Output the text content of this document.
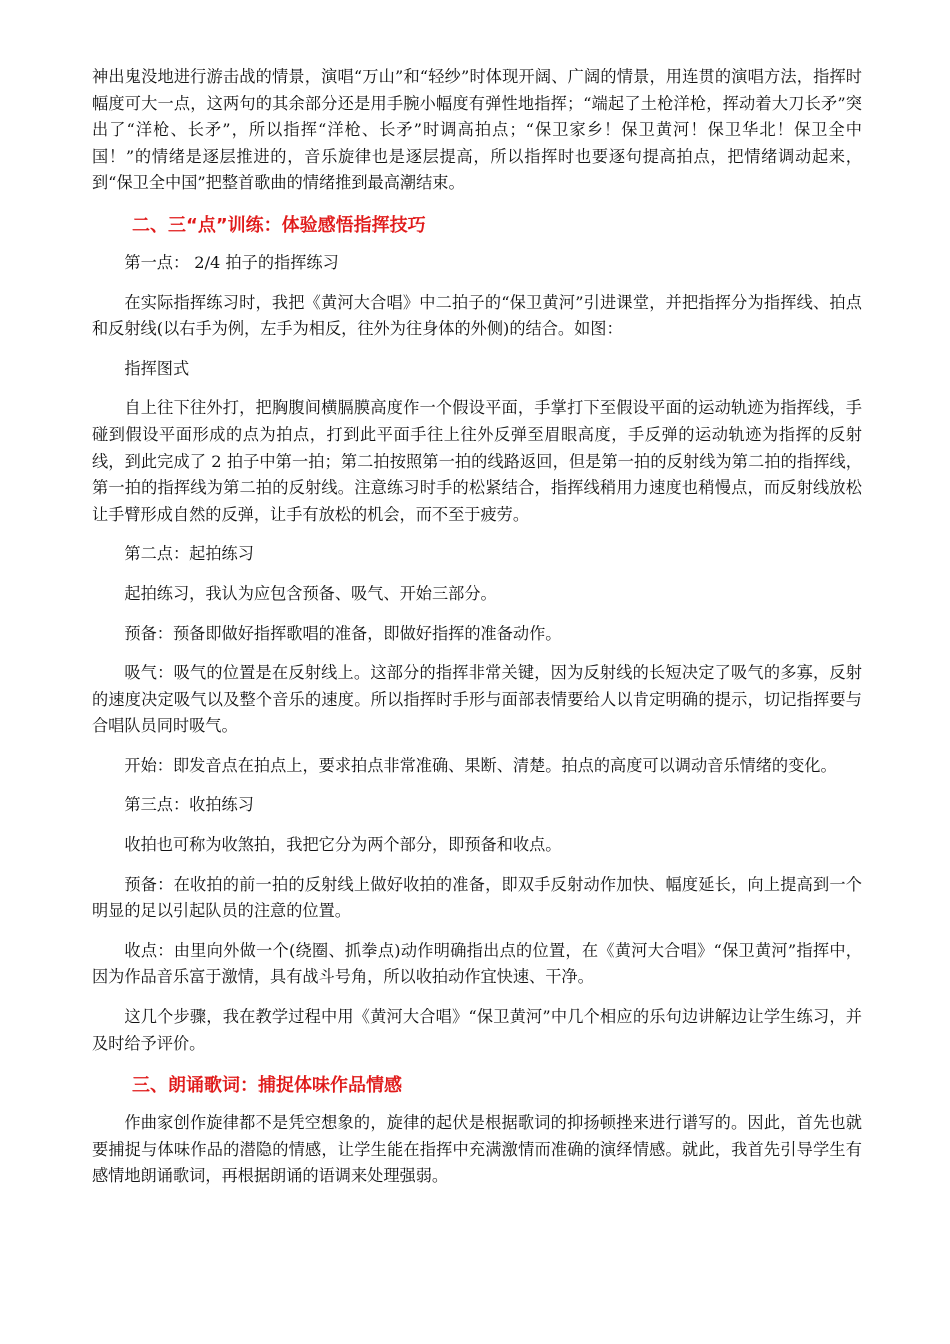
神出鬼没地进行游击战的情景，演唱“万山”和“轻纱”时体现开阔、广阔的情景，用连贯的演唱方法，指挥时幅度可大一点，这两句的其余部分还是用手腕小幅度有弹性地指挥；“端起了土枪洋枪，挥动着大刀长矛”突出了“洋枪、长矛”，所以指挥“洋枪、长矛”时调高拍点；“保卫家乡！保卫黄河！保卫华北！保卫全中国！”的情绪是逐层推进的，音乐旋律也是逐层提高，所以指挥时也要逐句提高拍点，把情绪调动起来，到“保卫全中国”把整首歌曲的情绪推到最高潮结束。

二、三“点”训练：体验感悟指挥技巧

第一点： 2/4 拍子的指挥练习

在实际指挥练习时，我把《黄河大合唱》中二拍子的“保卫黄河”引进课堂，并把指挥分为指挥线、拍点和反射线(以右手为例，左手为相反，往外为往身体的外侧)的结合。如图：

指挥图式

自上往下往外打，把胸腹间横膈膜高度作一个假设平面，手掌打下至假设平面的运动轨迹为指挥线，手碰到假设平面形成的点为拍点，打到此平面手往上往外反弹至眉眼高度，手反弹的运动轨迹为指挥的反射线，到此完成了 2 拍子中第一拍；第二拍按照第一拍的线路返回，但是第一拍的反射线为第二拍的指挥线，第一拍的指挥线为第二拍的反射线。注意练习时手的松紧结合，指挥线稍用力速度也稍慢点，而反射线放松让手臂形成自然的反弹，让手有放松的机会，而不至于疲劳。

第二点：起拍练习

起拍练习，我认为应包含预备、吸气、开始三部分。

预备：预备即做好指挥歌唱的准备，即做好指挥的准备动作。

吸气：吸气的位置是在反射线上。这部分的指挥非常关键，因为反射线的长短决定了吸气的多寡，反射的速度决定吸气以及整个音乐的速度。所以指挥时手形与面部表情要给人以肯定明确的提示，切记指挥要与合唱队员同时吸气。

开始：即发音点在拍点上，要求拍点非常准确、果断、清楚。拍点的高度可以调动音乐情绪的变化。

第三点：收拍练习

收拍也可称为收煞拍，我把它分为两个部分，即预备和收点。

预备：在收拍的前一拍的反射线上做好收拍的准备，即双手反射动作加快、幅度延长，向上提高到一个明显的足以引起队员的注意的位置。

收点：由里向外做一个(绕圈、抓拳点)动作明确指出点的位置，在《黄河大合唱》“保卫黄河”指挥中，因为作品音乐富于激情，具有战斗号角，所以收拍动作宜快速、干净。

这几个步骤，我在教学过程中用《黄河大合唱》“保卫黄河”中几个相应的乐句边讲解边让学生练习，并及时给予评价。

三、朗诵歌词：捕捉体味作品情感

作曲家创作旋律都不是凭空想象的，旋律的起伏是根据歌词的抑扬顿挫来进行谱写的。因此，首先也就要捕捉与体味作品的潜隐的情感，让学生能在指挥中充满激情而准确的演绎情感。就此，我首先引导学生有感情地朗诵歌词，再根据朗诵的语调来处理强弱。
